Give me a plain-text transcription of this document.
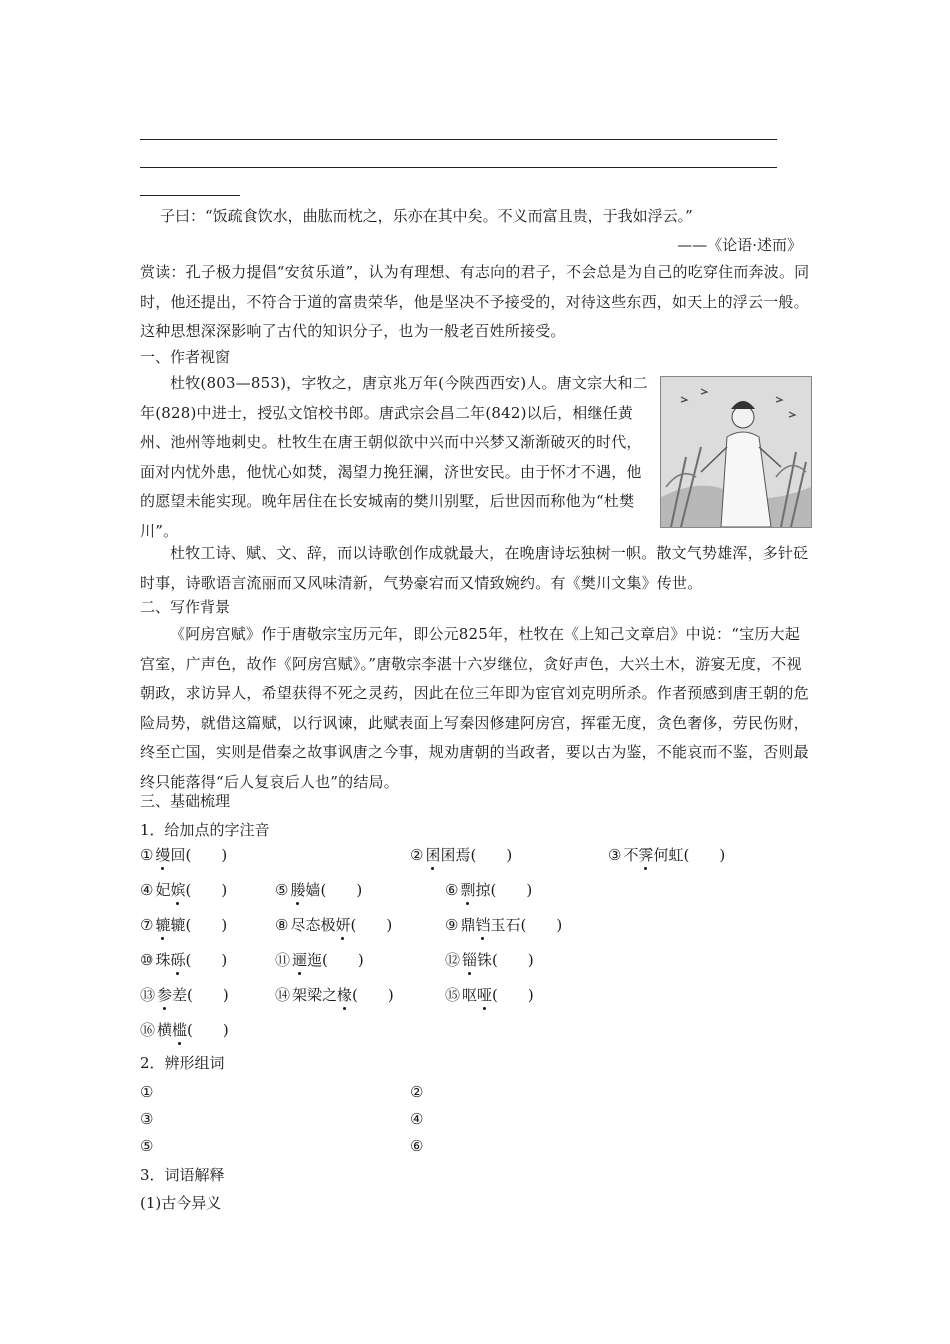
子曰：“饭疏食饮水，曲肱而枕之，乐亦在其中矣。不义而富且贵，于我如浮云。”
——《论语·述而》
赏读：孔子极力提倡“安贫乐道”，认为有理想、有志向的君子，不会总是为自己的吃穿住而奔波。同时，他还提出，不符合于道的富贵荣华，他是坚决不予接受的，对待这些东西，如天上的浮云一般。这种思想深深影响了古代的知识分子，也为一般老百姓所接受。
一、作者视窗
杜牧(803—853)，字牧之，唐京兆万年(今陕西西安)人。唐文宗大和二年(828)中进士，授弘文馆校书郎。唐武宗会昌二年(842)以后，相继任黄州、池州等地刺史。杜牧生在唐王朝似欲中兴而中兴梦又渐渐破灭的时代，面对内忧外患，他忧心如焚，渴望力挽狂澜，济世安民。由于怀才不遇，他的愿望未能实现。晚年居住在长安城南的樊川别墅，后世因而称他为“杜樊川”。
杜牧工诗、赋、文、辞，而以诗歌创作成就最大，在晚唐诗坛独树一帜。散文气势雄浑，多针砭时事，诗歌语言流丽而又风味清新，气势豪宕而又情致婉约。有《樊川文集》传世。
二、写作背景
《阿房宫赋》作于唐敬宗宝历元年，即公元825年，杜牧在《上知己文章启》中说：“宝历大起宫室，广声色，故作《阿房宫赋》。”唐敬宗李湛十六岁继位，贪好声色，大兴土木，游宴无度，不视朝政，求访异人，希望获得不死之灵药，因此在位三年即为宦官刘克明所杀。作者预感到唐王朝的危险局势，就借这篇赋，以行讽谏，此赋表面上写秦因修建阿房宫，挥霍无度，贪色奢侈，劳民伤财，终至亡国，实则是借秦之故事讽唐之今事，规劝唐朝的当政者，要以古为鉴，不能哀而不鉴，否则最终只能落得“后人复哀后人也”的结局。
三、基础梳理
1．给加点的字注音
① 缦回(　　)	② 囷囷焉(　　)	③ 不霁何虹(　　)
④ 妃嫔(　　)	⑤ 媵嫱(　　)	⑥ 剽掠(　　)
⑦ 辘辘(　　)	⑧ 尽态极妍(　　)	⑨ 鼎铛玉石(　　)
⑩ 珠砾(　　)	⑪ 逦迤(　　)	⑫ 锱铢(　　)
⑬ 参差(　　)	⑭ 架梁之椽(　　)	⑮ 呕哑(　　)
⑯ 横槛(　　)
2．辨形组词
①	②
③	④
⑤	⑥
3．词语解释
(1)古今异义
